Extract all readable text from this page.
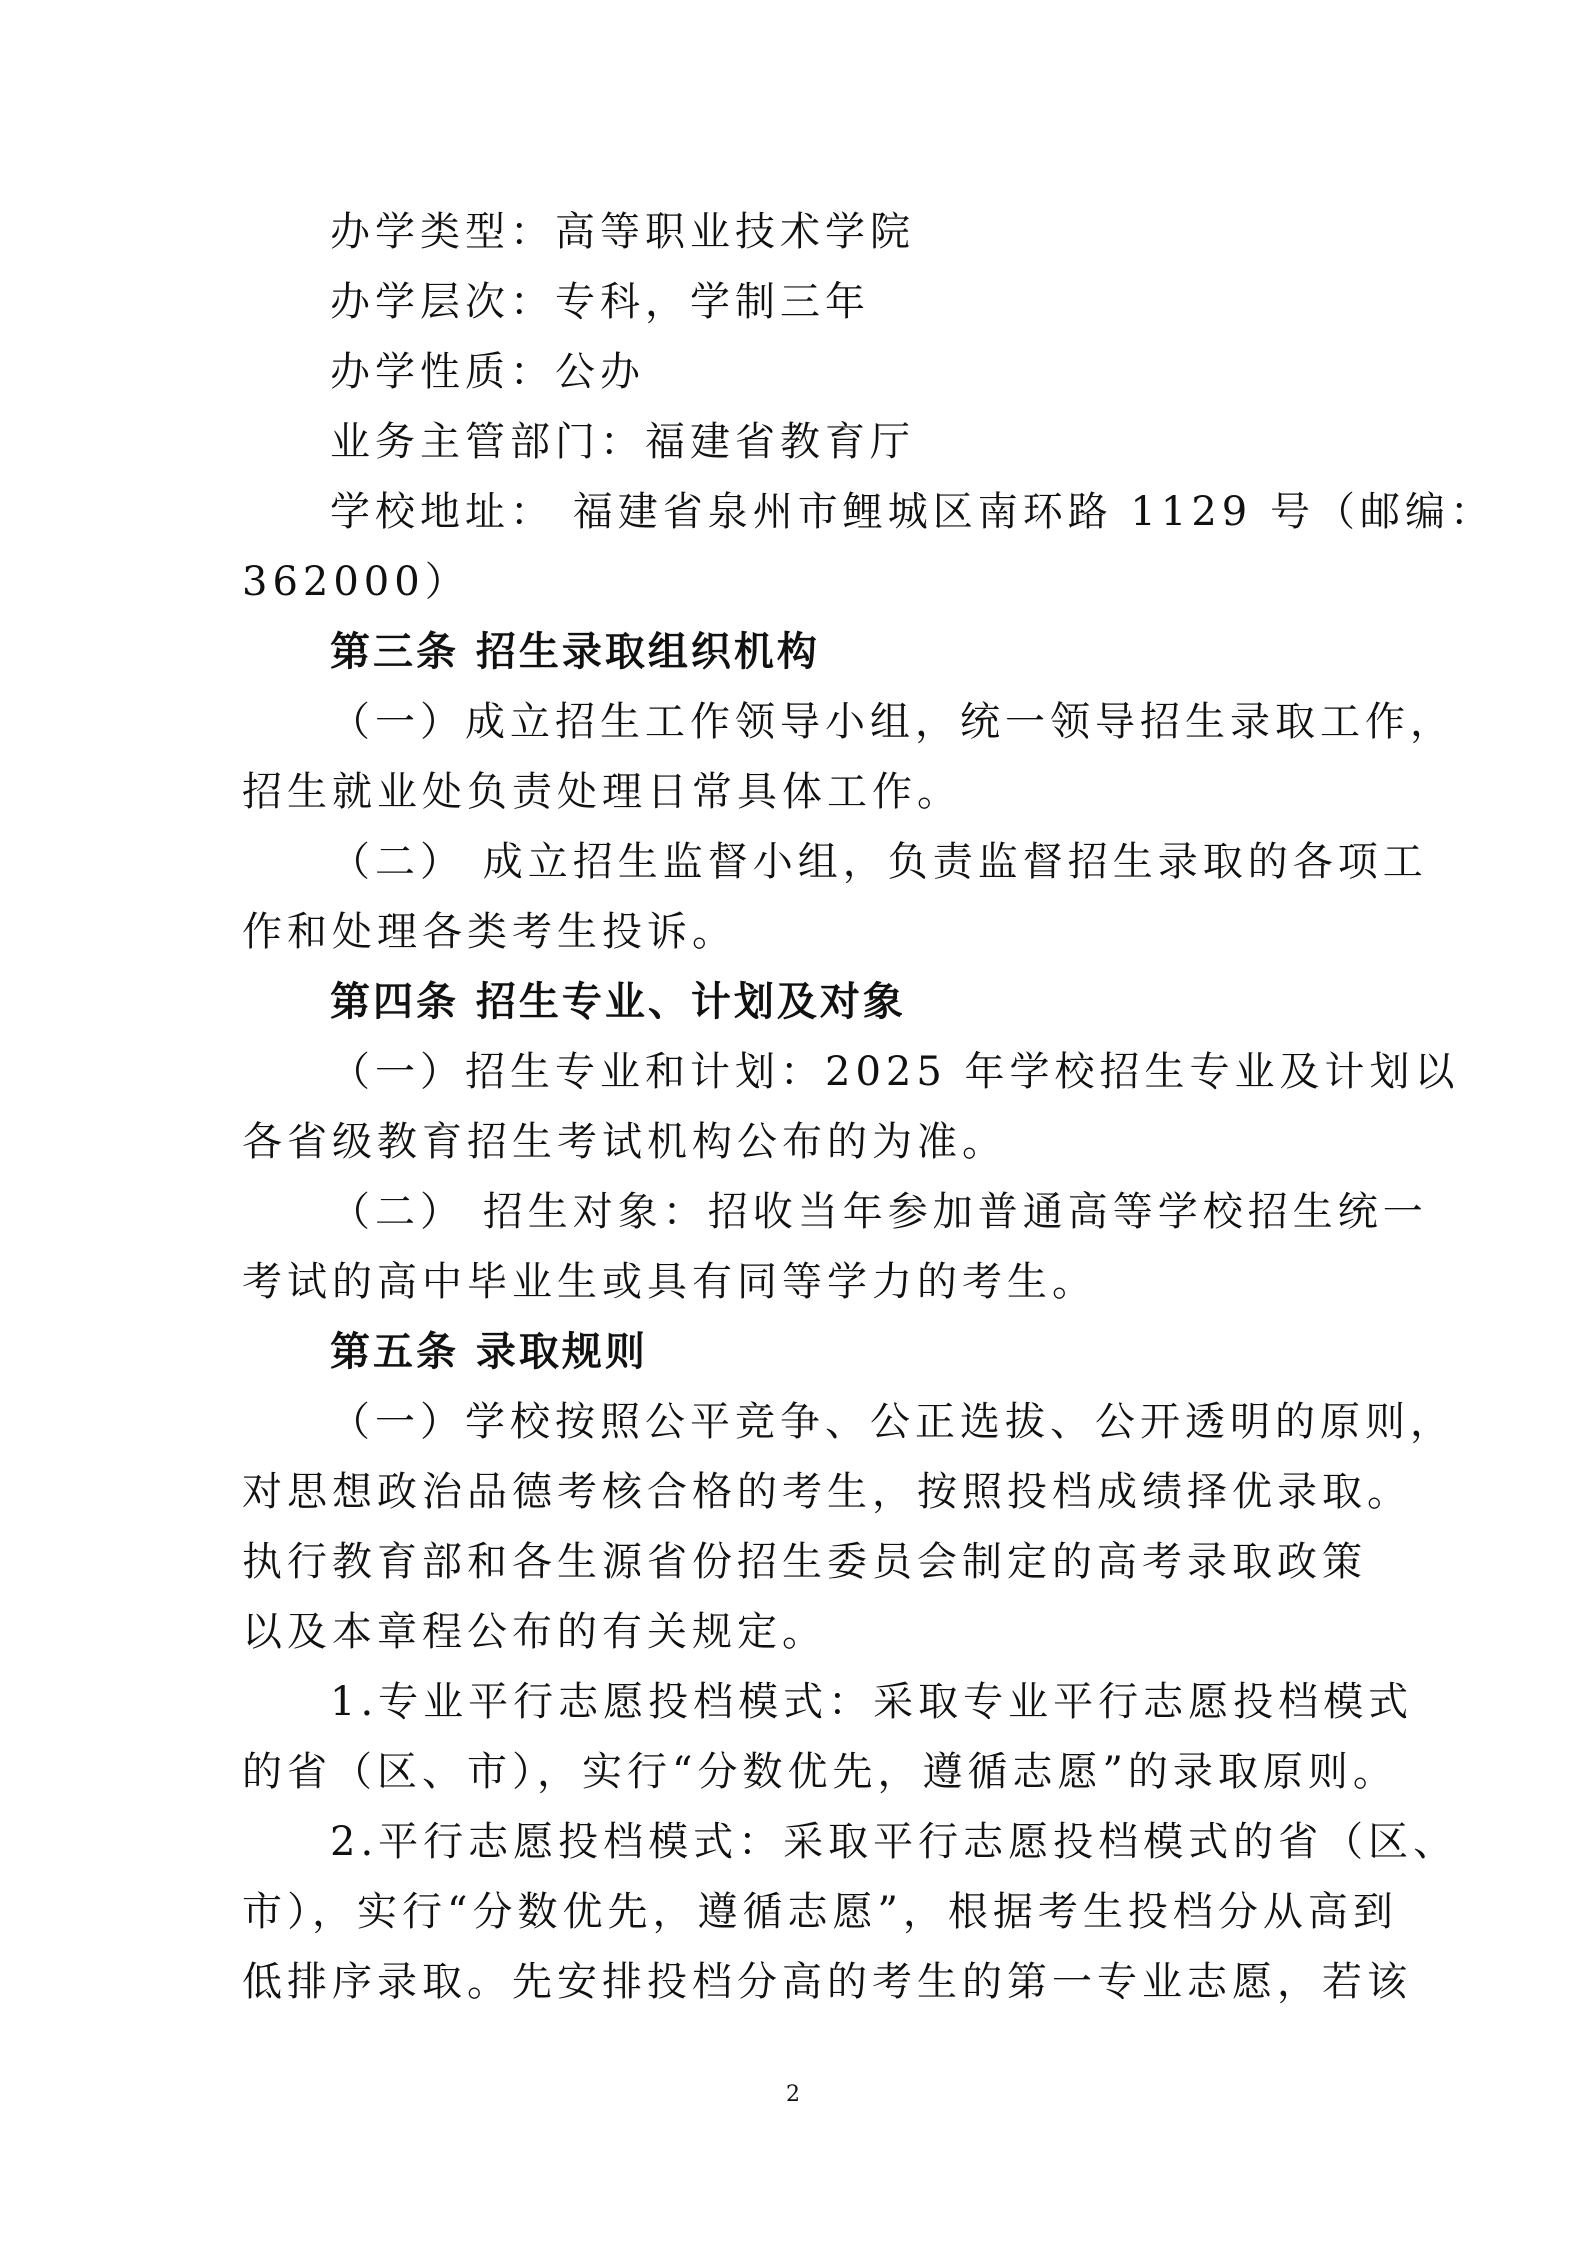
办学类型：高等职业技术学院
办学层次：专科，学制三年
办学性质：公办
业务主管部门：福建省教育厅
学校地址： 福建省泉州市鲤城区南环路 1129 号（邮编：
362000）
第三条 招生录取组织机构
（一）成立招生工作领导小组，统一领导招生录取工作，
招生就业处负责处理日常具体工作。
（二） 成立招生监督小组，负责监督招生录取的各项工
作和处理各类考生投诉。
第四条 招生专业、计划及对象
（一）招生专业和计划：2025 年学校招生专业及计划以
各省级教育招生考试机构公布的为准。
（二） 招生对象：招收当年参加普通高等学校招生统一
考试的高中毕业生或具有同等学力的考生。
第五条 录取规则
（一）学校按照公平竞争、公正选拔、公开透明的原则，
对思想政治品德考核合格的考生，按照投档成绩择优录取。
执行教育部和各生源省份招生委员会制定的高考录取政策
以及本章程公布的有关规定。
1.专业平行志愿投档模式：采取专业平行志愿投档模式
的省（区、市），实行“分数优先，遵循志愿”的录取原则。
2.平行志愿投档模式：采取平行志愿投档模式的省（区、
市），实行“分数优先，遵循志愿”，根据考生投档分从高到
低排序录取。先安排投档分高的考生的第一专业志愿，若该
2
